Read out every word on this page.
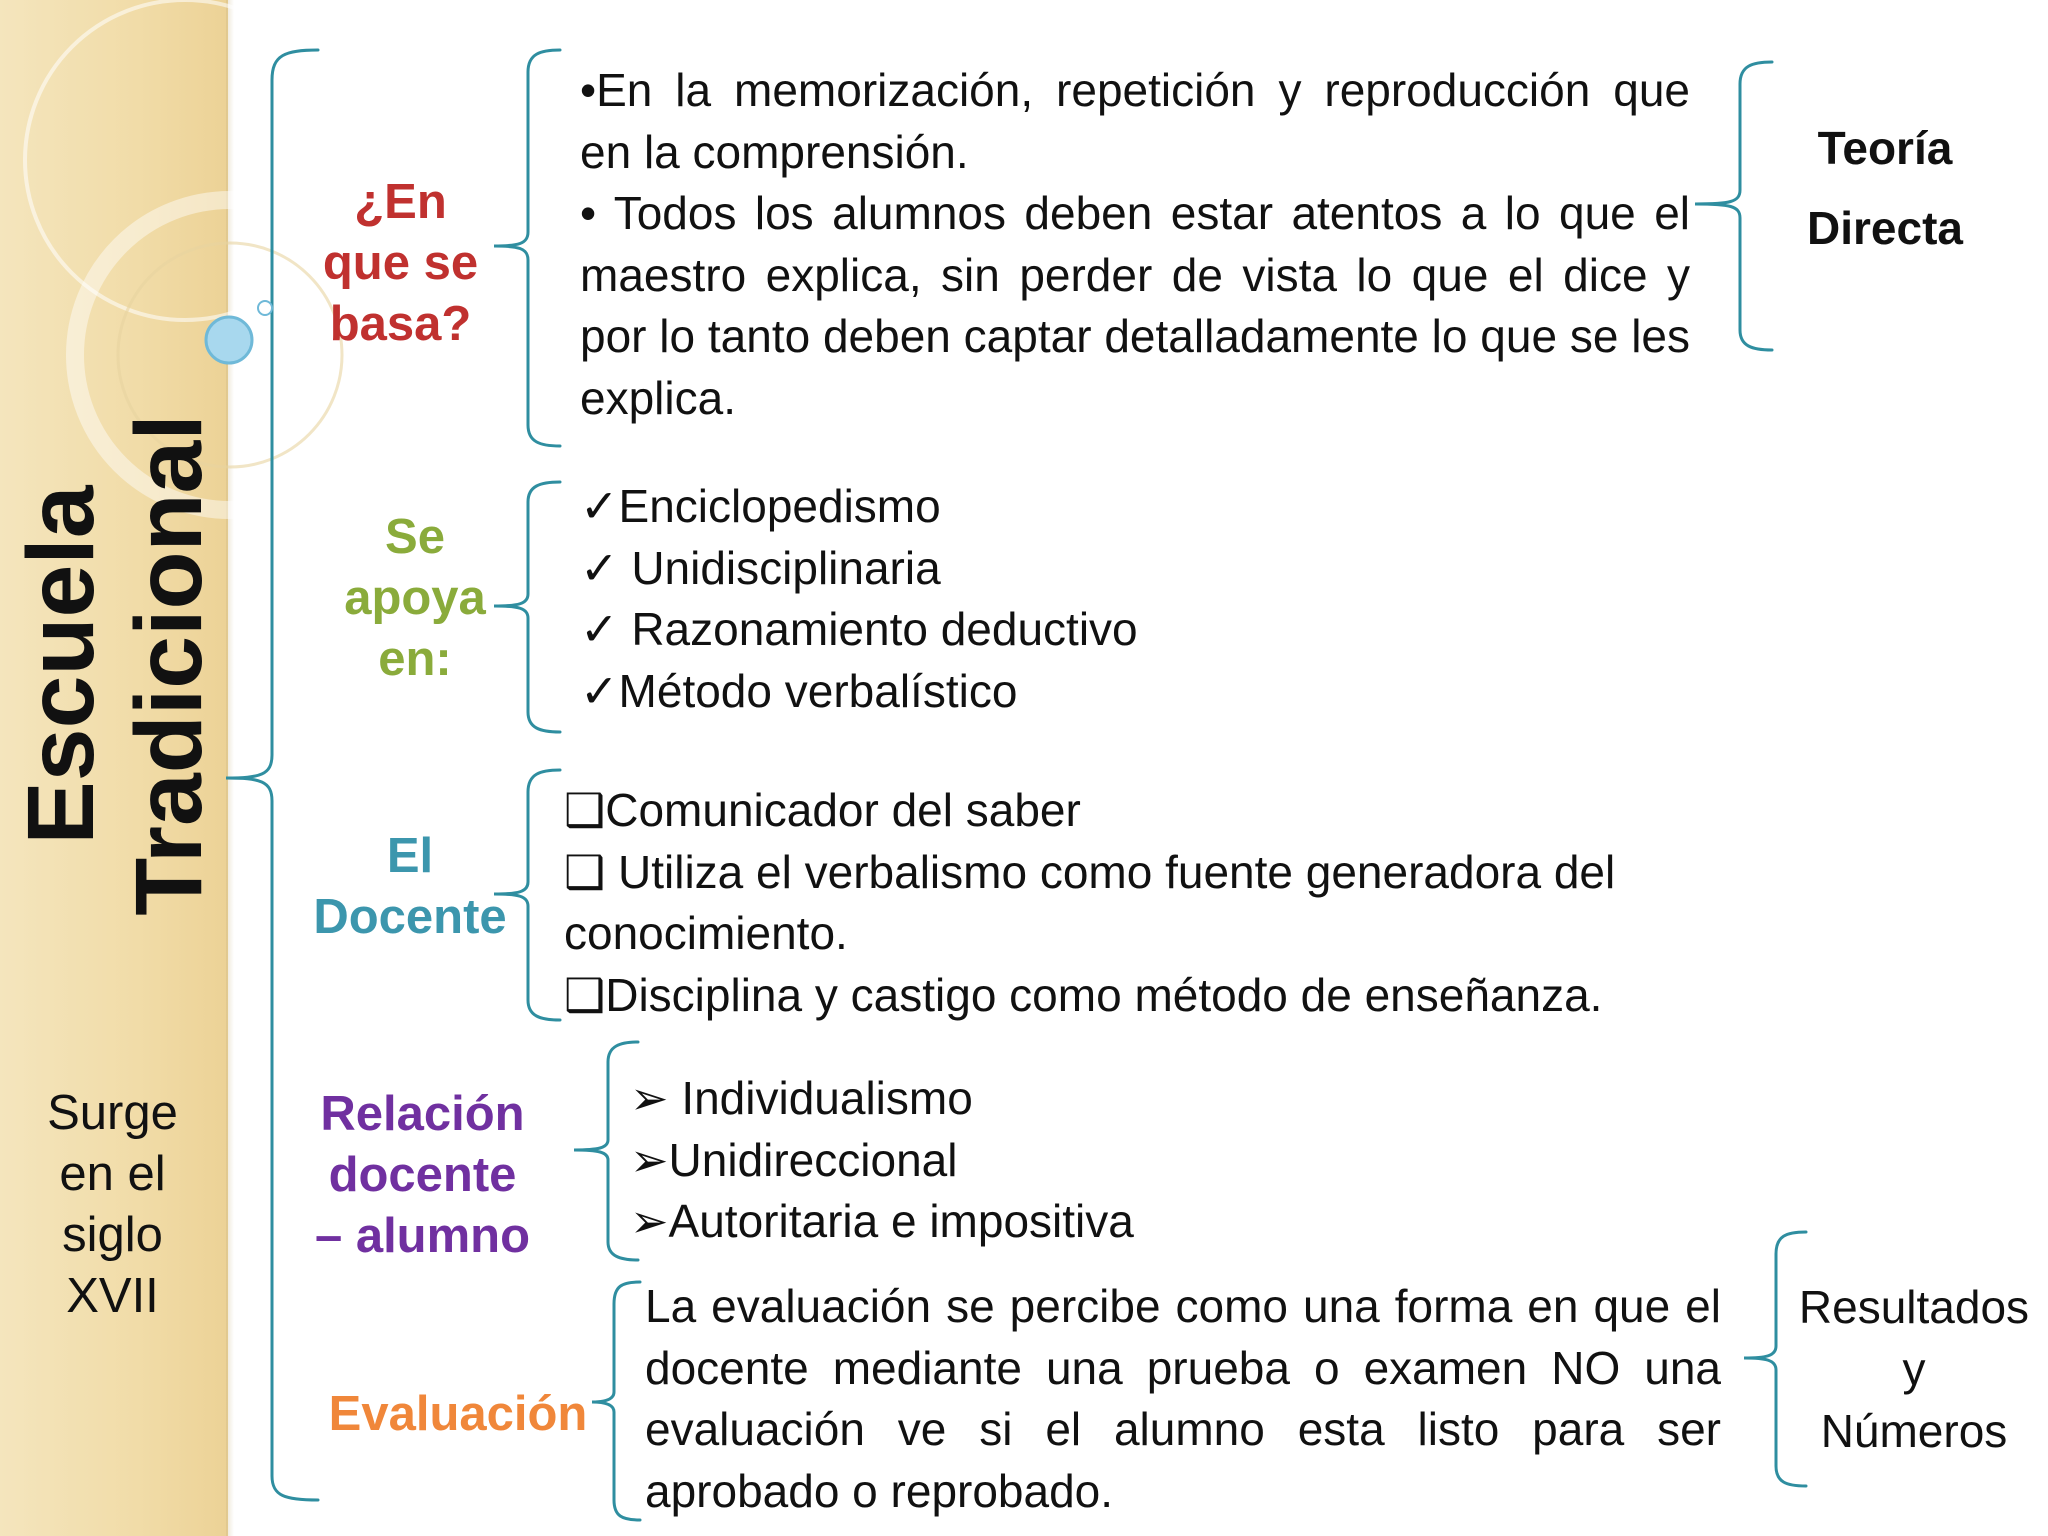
Escuela Tradicional
Surge
en el
siglo
XVII
¿En
que se
basa?
•En la memorización, repetición y reproducción que en la comprensión.
• Todos los alumnos deben estar atentos a lo que el maestro explica, sin perder de vista lo que el dice y por lo tanto deben captar detalladamente lo que se les explica.
Teoría
Directa
Se
apoya
en:
✓Enciclopedismo
✓ Unidisciplinaria
✓ Razonamiento deductivo
✓Método verbalístico
El
Docente
❑Comunicador del saber
❑ Utiliza el verbalismo como fuente generadora del conocimiento.
❑Disciplina y castigo como método de enseñanza.
Relación
docente
– alumno
➢ Individualismo
➢Unidireccional
➢Autoritaria e impositiva
Evaluación
La evaluación se percibe como una forma en que el docente mediante una prueba o examen NO una evaluación ve si el alumno esta listo para ser aprobado o reprobado.
Resultados
y
Números
